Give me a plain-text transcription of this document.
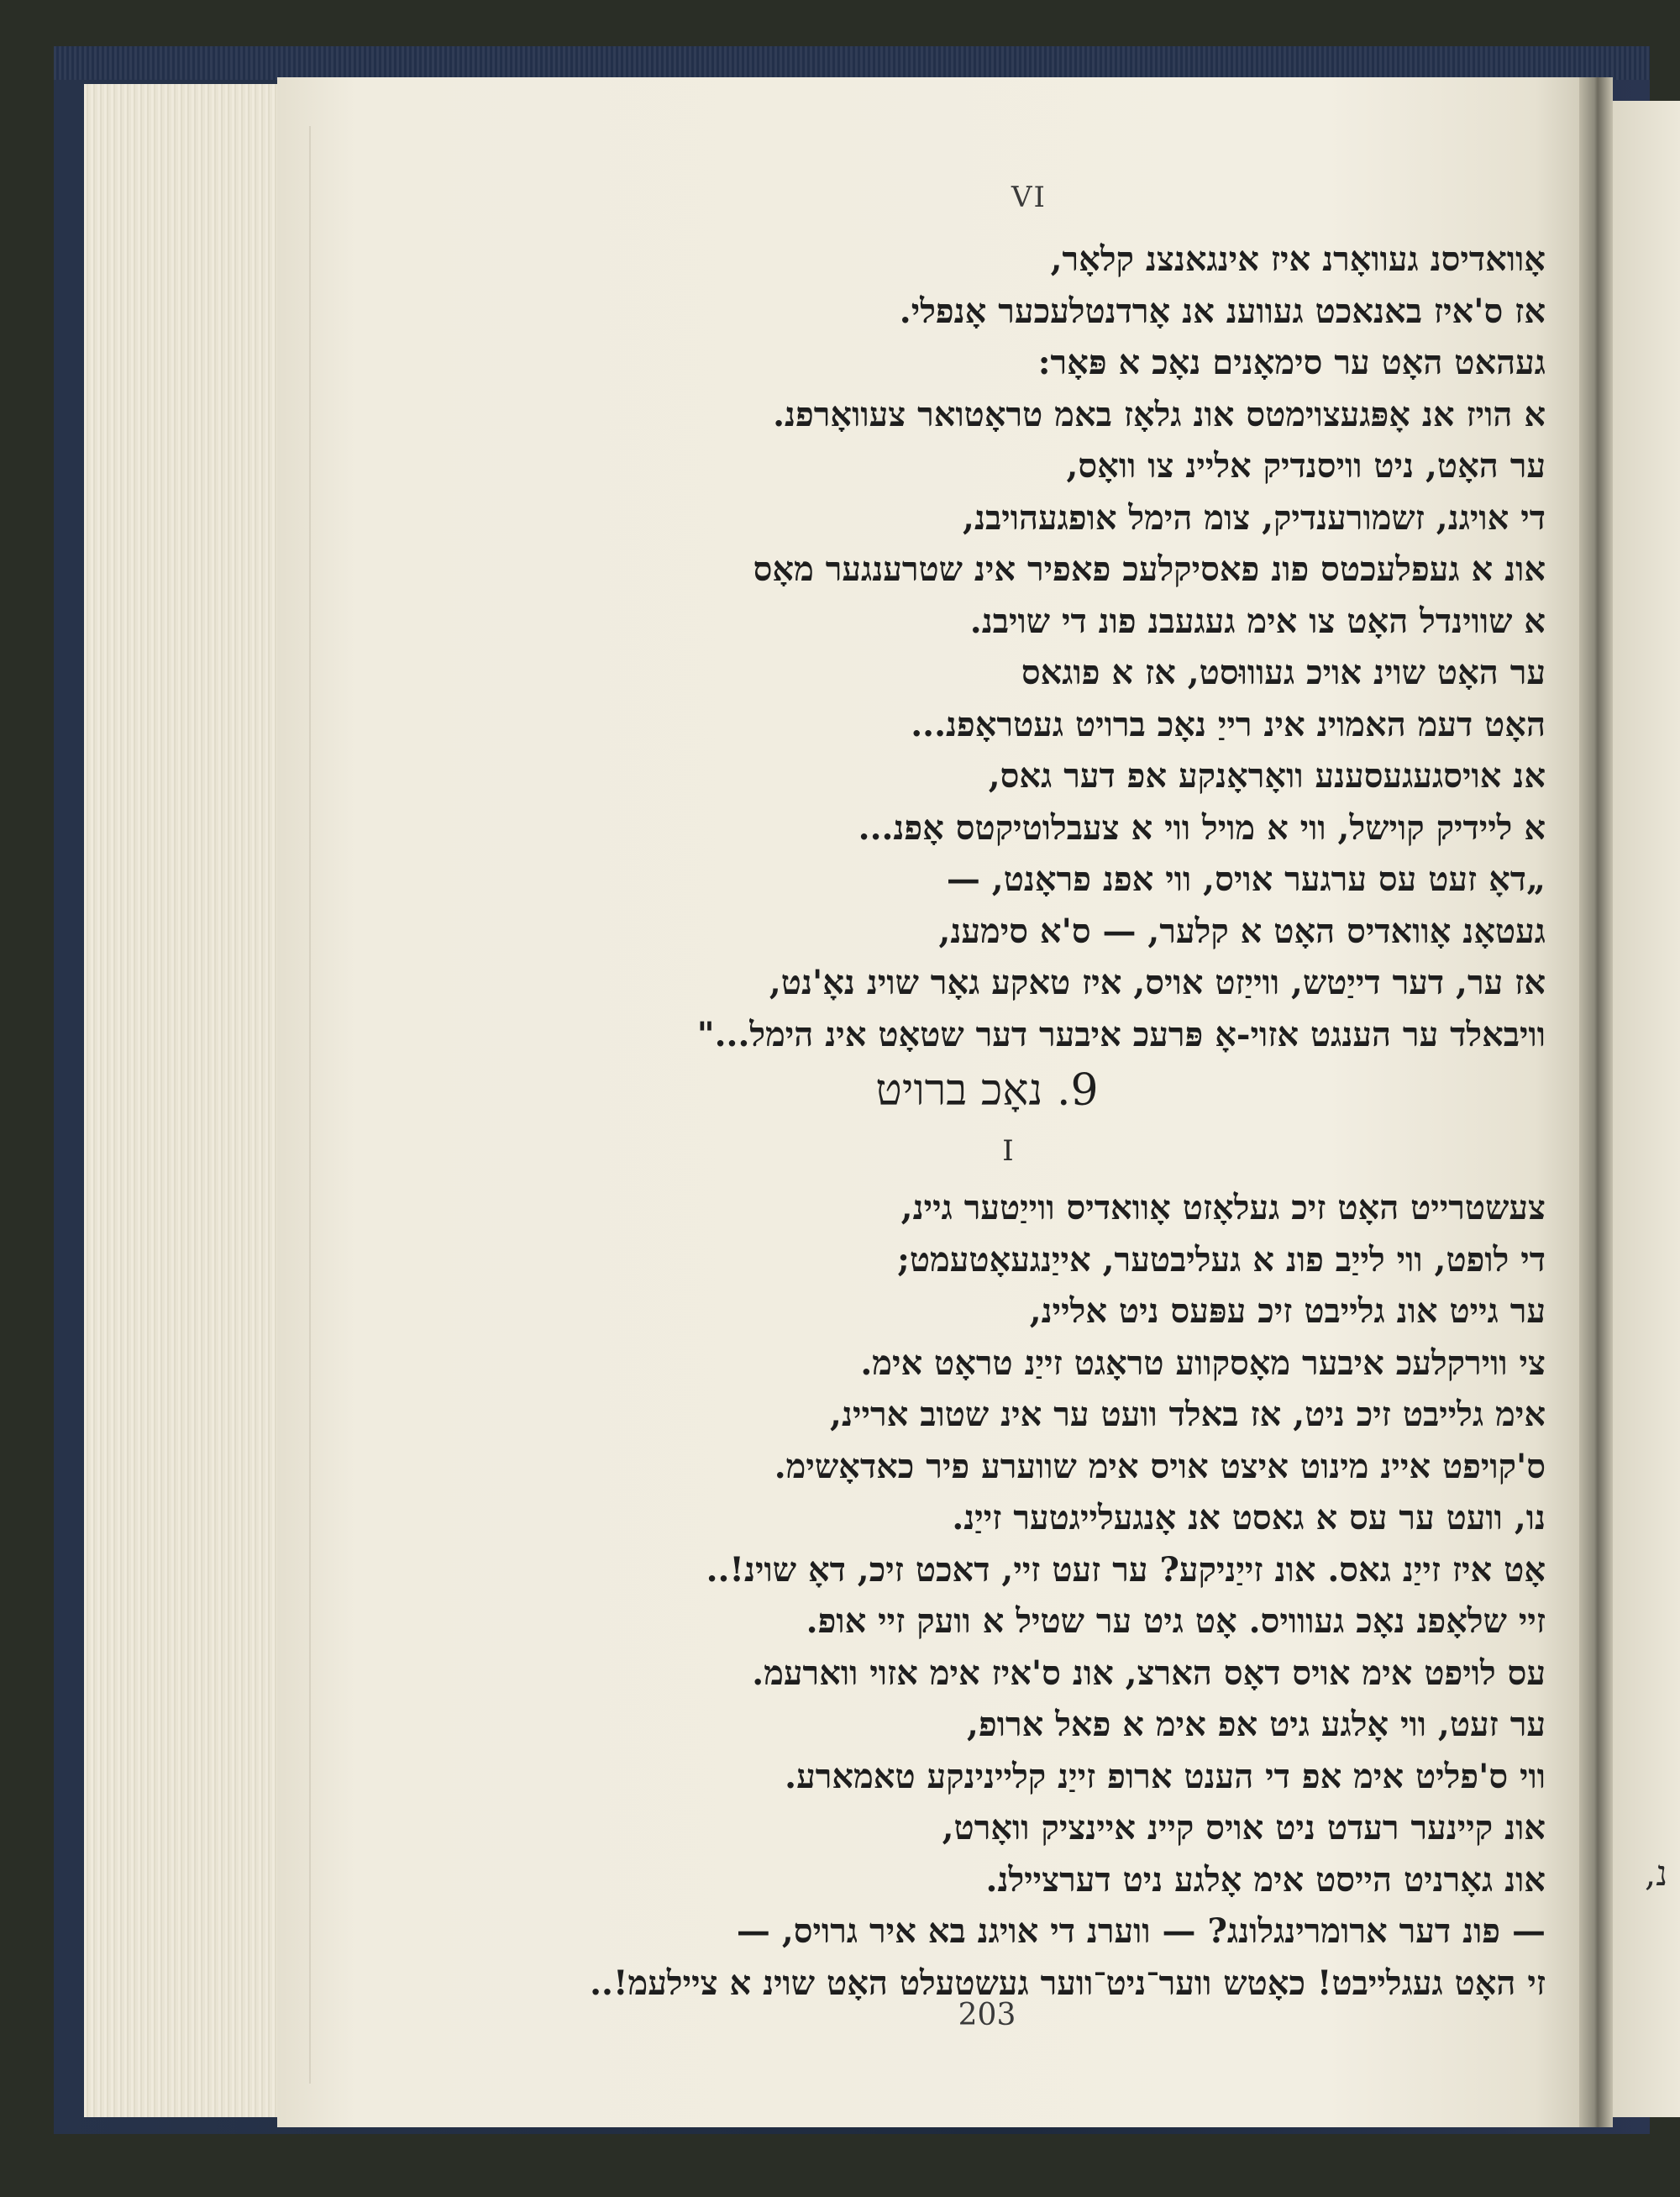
נ,
VI
אָוואדיסנ געוואָרנ איז אינגאנצנ קלאָר,
אז ס'איז באנאכט געווענ אנ אָרדנטלעכער אָנפלי.
געהאט האָט ער סימאָנים נאָכ א פּאָר:
א הויז אנ אָפּגעצוימטס אונ גלאָז באמ טראָטואר צעוואָרפנ.
ער האָט, ניט וויסנדיק אליינ צו וואָס,
די אויגנ, זשמורענדיק, צומ הימל אופגעהויבנ,
אונ א געפלעכטס פונ פאסיקלעכ פאפיר אינ שטרענגער מאָס
א שווינדל האָט צו אימ געגעבנ פונ די שויבנ.
ער האָט שוינ אויכ געוווּסט, אז א פוגאס
האָט דעמ האמוינ אינ רייַ נאָכ ברויט געטראָפנ...
אנ אויסגעגעסענע וואָראָנקע אפ דער גאס,
א ליידיק קוישל, ווי א מויל ווי א צעבלוטיקטס אָפנ...
„דאָ זעט עס ערגער אויס, ווי אפנ פראָנט, —
געטאָנ אָוואדיס האָט א קלער, — ס'א סימענ,
אז ער, דער דייַטש, ווייַזט אויס, איז טאקע גאָר שוינ נאָ'נט,
וויבאלד ער הענגט אזוי-אָ פּרעכ איבער דער שטאָט אינ הימל..."
9. נאָכ ברויט
I
צעשטרייט האָט זיכ געלאָזט אָוואדיס ווייַטער גיינ,
די לופט, ווי לייַב פונ א געליבטער, אייַנגעאָטעמט;
ער גייט אונ גלייבט זיכ עפּעס ניט אליינ,
צי ווירקלעכ איבער מאָסקווע טראָגט זייַנ טראָט אימ.
אימ גלייבט זיכ ניט, אז באלד וועט ער אינ שטוב אריינ,
ס'קויפט איינ מינוט איצט אויס אימ שווערע פיר כאדאָשימ.
נו, וועט ער עס א גאסט אנ אָנגעלייגטער זייַנ.
אָט איז זייַנ גאס. אונ זייַניקע? ער זעט זיי, דאכט זיכ, דאָ שוינ!..
זיי שלאָפנ נאָכ געווויס. אָט גיט ער שטיל א וועק זיי אופ.
עס לויפט אימ אויס דאָס הארצ, אונ ס'איז אימ אזוי ווארעמ.
ער זעט, ווי אָלגע גיט אפ אימ א פאל ארופ,
ווי ס'פליט אימ אפ די הענט ארופ זייַנ קליינינקע טאמארע.
אונ קיינער רעדט ניט אויס קיינ איינציק וואָרט,
אונ גאָרניט הייסט אימ אָלגע ניט דערציילנ.
— פונ דער ארומרינגלונג? — ווערנ די אויגנ בא איר גרויס, —
זי האָט געגלייבט! כאָטש ווער־ניט־ווער געשטעלט האָט שוינ א ציילעמ!..
203
